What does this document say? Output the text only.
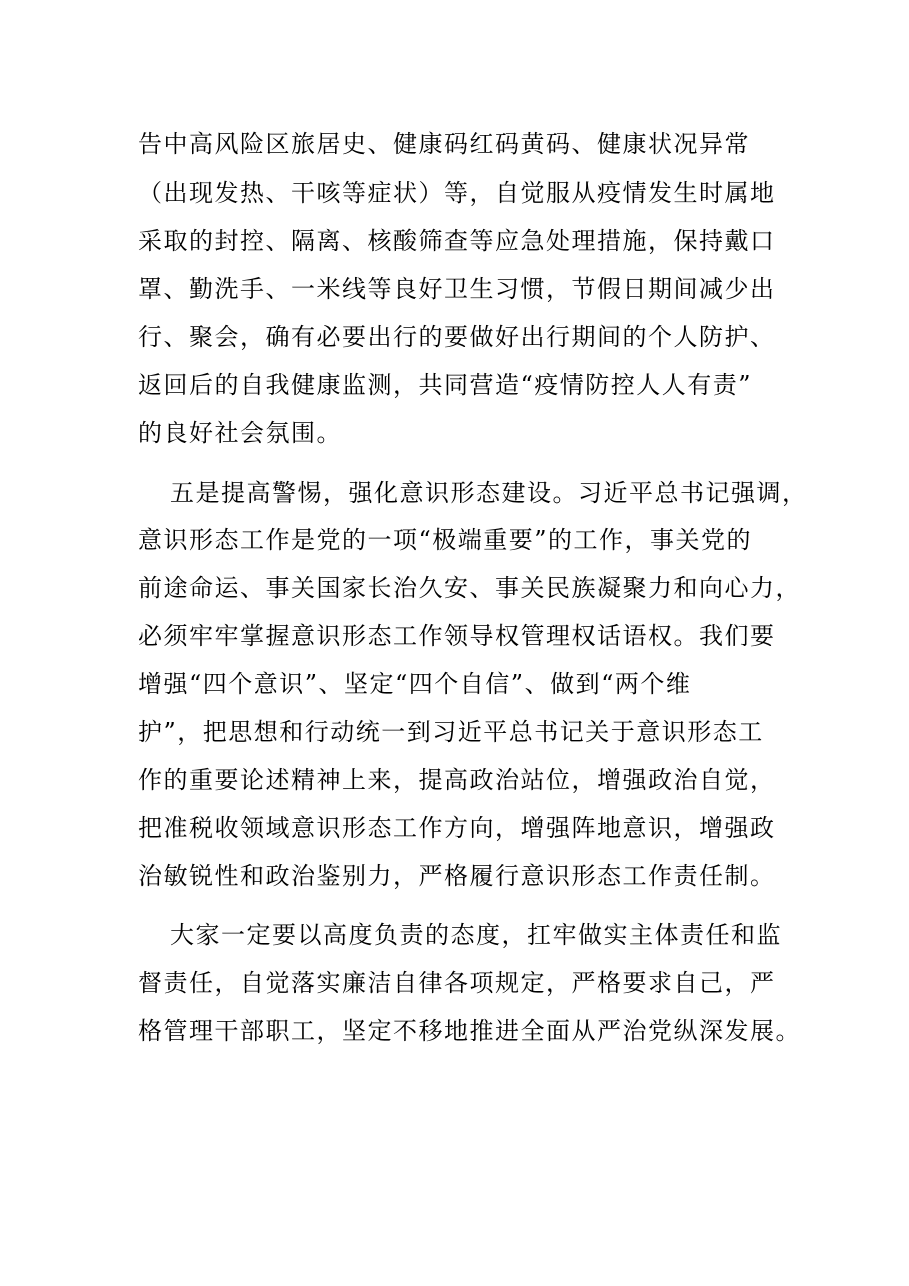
告中高风险区旅居史、健康码红码黄码、健康状况异常
（出现发热、干咳等症状）等，自觉服从疫情发生时属地
采取的封控、隔离、核酸筛查等应急处理措施，保持戴口
罩、勤洗手、一米线等良好卫生习惯，节假日期间减少出
行、聚会，确有必要出行的要做好出行期间的个人防护、
返回后的自我健康监测，共同营造“疫情防控人人有责”
的良好社会氛围。
五是提高警惕，强化意识形态建设。习近平总书记强调，
意识形态工作是党的一项“极端重要”的工作，事关党的
前途命运、事关国家长治久安、事关民族凝聚力和向心力，
必须牢牢掌握意识形态工作领导权管理权话语权。我们要
增强“四个意识”、坚定“四个自信”、做到“两个维
护”，把思想和行动统一到习近平总书记关于意识形态工
作的重要论述精神上来，提高政治站位，增强政治自觉，
把准税收领域意识形态工作方向，增强阵地意识，增强政
治敏锐性和政治鉴别力，严格履行意识形态工作责任制。
大家一定要以高度负责的态度，扛牢做实主体责任和监
督责任，自觉落实廉洁自律各项规定，严格要求自己，严
格管理干部职工，坚定不移地推进全面从严治党纵深发展。
